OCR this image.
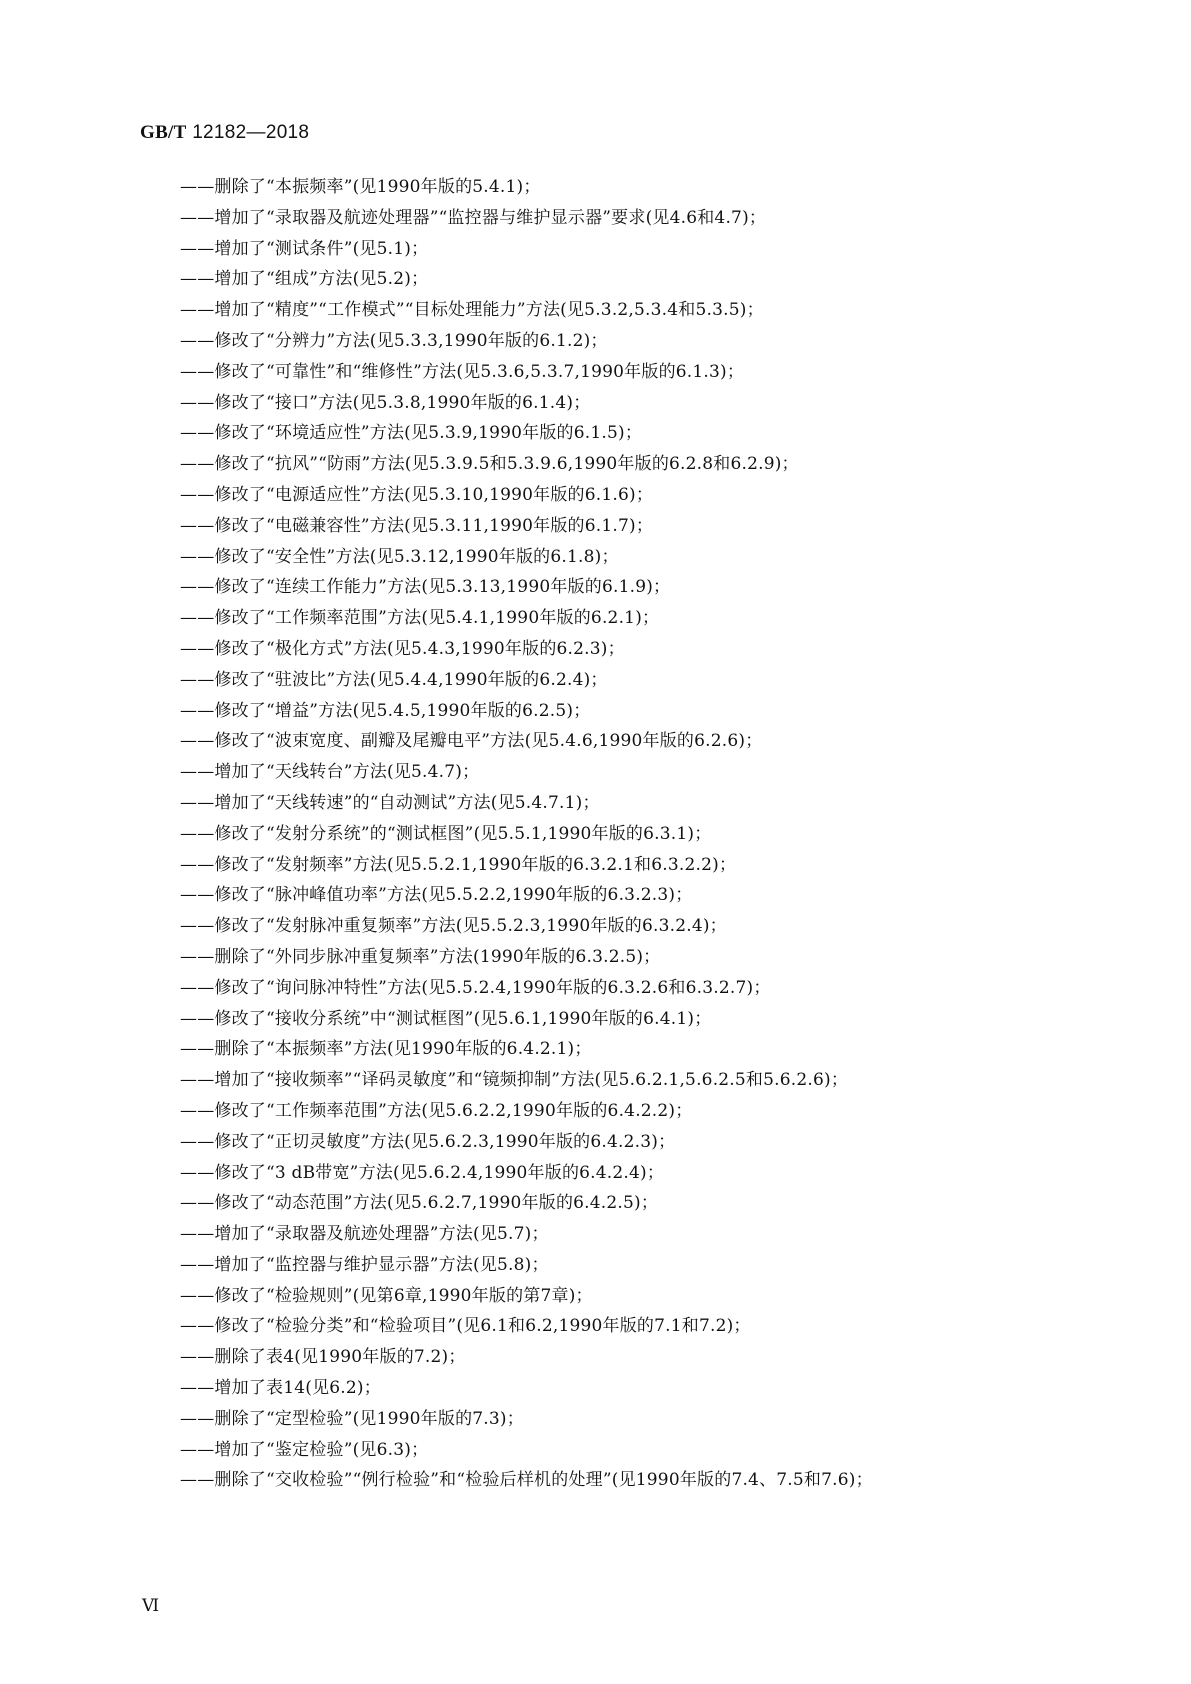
GB/T 12182—2018
——删除了“本振频率”(见1990年版的5.4.1)；
——增加了“录取器及航迹处理器”“监控器与维护显示器”要求(见4.6和4.7)；
——增加了“测试条件”(见5.1)；
——增加了“组成”方法(见5.2)；
——增加了“精度”“工作模式”“目标处理能力”方法(见5.3.2,5.3.4和5.3.5)；
——修改了“分辨力”方法(见5.3.3,1990年版的6.1.2)；
——修改了“可靠性”和“维修性”方法(见5.3.6,5.3.7,1990年版的6.1.3)；
——修改了“接口”方法(见5.3.8,1990年版的6.1.4)；
——修改了“环境适应性”方法(见5.3.9,1990年版的6.1.5)；
——修改了“抗风”“防雨”方法(见5.3.9.5和5.3.9.6,1990年版的6.2.8和6.2.9)；
——修改了“电源适应性”方法(见5.3.10,1990年版的6.1.6)；
——修改了“电磁兼容性”方法(见5.3.11,1990年版的6.1.7)；
——修改了“安全性”方法(见5.3.12,1990年版的6.1.8)；
——修改了“连续工作能力”方法(见5.3.13,1990年版的6.1.9)；
——修改了“工作频率范围”方法(见5.4.1,1990年版的6.2.1)；
——修改了“极化方式”方法(见5.4.3,1990年版的6.2.3)；
——修改了“驻波比”方法(见5.4.4,1990年版的6.2.4)；
——修改了“增益”方法(见5.4.5,1990年版的6.2.5)；
——修改了“波束宽度、副瓣及尾瓣电平”方法(见5.4.6,1990年版的6.2.6)；
——增加了“天线转台”方法(见5.4.7)；
——增加了“天线转速”的“自动测试”方法(见5.4.7.1)；
——修改了“发射分系统”的“测试框图”(见5.5.1,1990年版的6.3.1)；
——修改了“发射频率”方法(见5.5.2.1,1990年版的6.3.2.1和6.3.2.2)；
——修改了“脉冲峰值功率”方法(见5.5.2.2,1990年版的6.3.2.3)；
——修改了“发射脉冲重复频率”方法(见5.5.2.3,1990年版的6.3.2.4)；
——删除了“外同步脉冲重复频率”方法(1990年版的6.3.2.5)；
——修改了“询问脉冲特性”方法(见5.5.2.4,1990年版的6.3.2.6和6.3.2.7)；
——修改了“接收分系统”中“测试框图”(见5.6.1,1990年版的6.4.1)；
——删除了“本振频率”方法(见1990年版的6.4.2.1)；
——增加了“接收频率”“译码灵敏度”和“镜频抑制”方法(见5.6.2.1,5.6.2.5和5.6.2.6)；
——修改了“工作频率范围”方法(见5.6.2.2,1990年版的6.4.2.2)；
——修改了“正切灵敏度”方法(见5.6.2.3,1990年版的6.4.2.3)；
——修改了“3 dB带宽”方法(见5.6.2.4,1990年版的6.4.2.4)；
——修改了“动态范围”方法(见5.6.2.7,1990年版的6.4.2.5)；
——增加了“录取器及航迹处理器”方法(见5.7)；
——增加了“监控器与维护显示器”方法(见5.8)；
——修改了“检验规则”(见第6章,1990年版的第7章)；
——修改了“检验分类”和“检验项目”(见6.1和6.2,1990年版的7.1和7.2)；
——删除了表4(见1990年版的7.2)；
——增加了表14(见6.2)；
——删除了“定型检验”(见1990年版的7.3)；
——增加了“鉴定检验”(见6.3)；
——删除了“交收检验”“例行检验”和“检验后样机的处理”(见1990年版的7.4、7.5和7.6)；
Ⅵ
